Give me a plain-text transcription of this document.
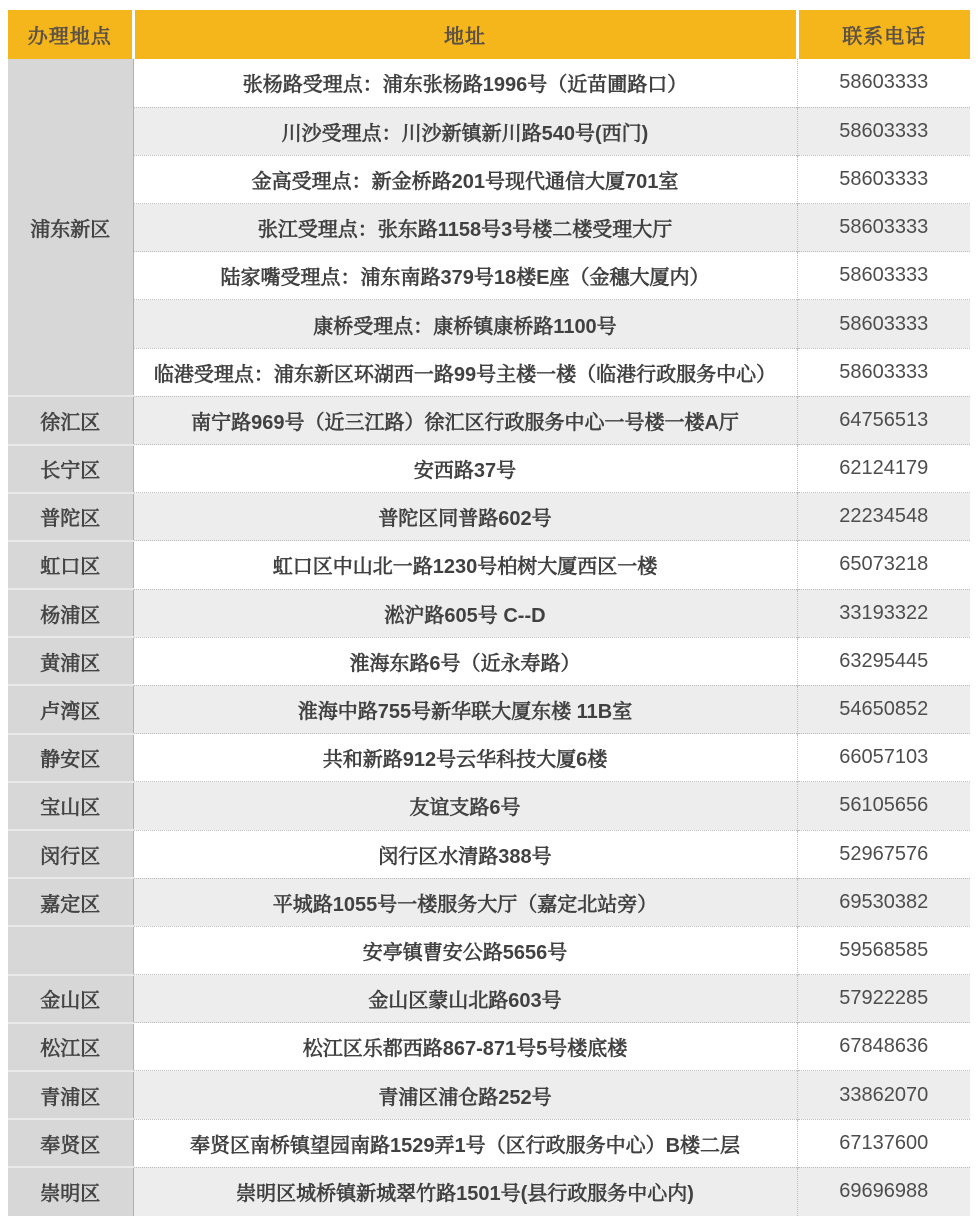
办理地点	地址	联系电话
浦东新区	张杨路受理点：浦东张杨路1996号（近苗圃路口）	58603333
	川沙受理点：川沙新镇新川路540号(西门)	58603333
	金高受理点：新金桥路201号现代通信大厦701室	58603333
	张江受理点：张东路1158号3号楼二楼受理大厅	58603333
	陆家嘴受理点：浦东南路379号18楼E座（金穗大厦内）	58603333
	康桥受理点：康桥镇康桥路1100号	58603333
	临港受理点：浦东新区环湖西一路99号主楼一楼（临港行政服务中心）	58603333
徐汇区	南宁路969号（近三江路）徐汇区行政服务中心一号楼一楼A厅	64756513
长宁区	安西路37号	62124179
普陀区	普陀区同普路602号	22234548
虹口区	虹口区中山北一路1230号柏树大厦西区一楼	65073218
杨浦区	淞沪路605号 C--D	33193322
黄浦区	淮海东路6号（近永寿路）	63295445
卢湾区	淮海中路755号新华联大厦东楼 11B室	54650852
静安区	共和新路912号云华科技大厦6楼	66057103
宝山区	友谊支路6号	56105656
闵行区	闵行区水清路388号	52967576
嘉定区	平城路1055号一楼服务大厅（嘉定北站旁）	69530382
	安亭镇曹安公路5656号	59568585
金山区	金山区蒙山北路603号	57922285
松江区	松江区乐都西路867-871号5号楼底楼	67848636
青浦区	青浦区浦仓路252号	33862070
奉贤区	奉贤区南桥镇望园南路1529弄1号（区行政服务中心）B楼二层	67137600
崇明区	崇明区城桥镇新城翠竹路1501号(县行政服务中心内)	69696988
